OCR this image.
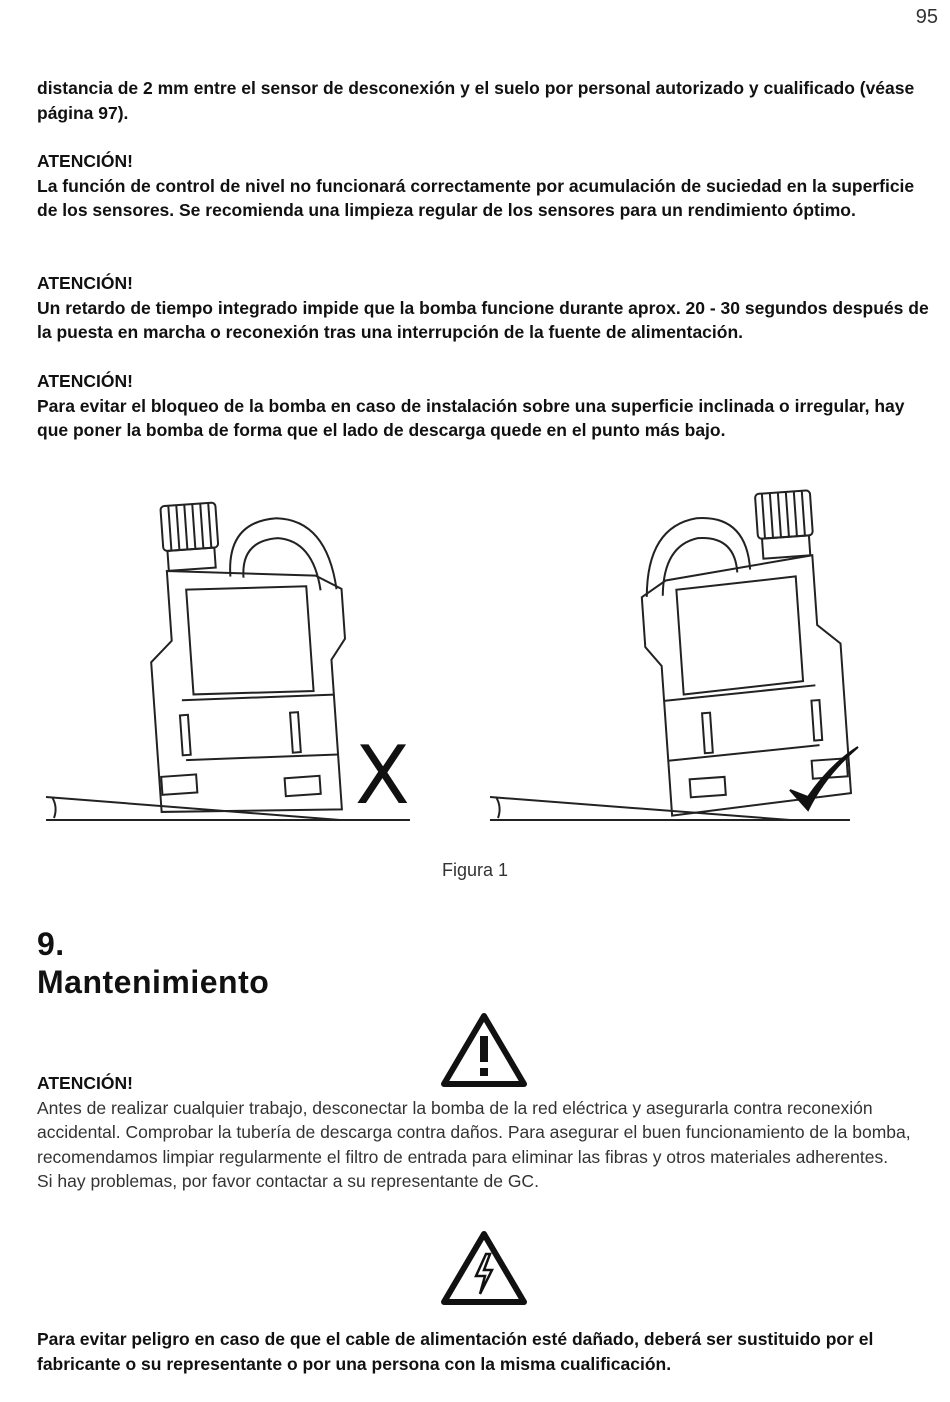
95

distancia de 2 mm entre el sensor de desconexión y el suelo por personal autorizado y cualificado (véase página 97).

ATENCIÓN!
La función de control de nivel no funcionará correctamente por acumulación de suciedad en la superficie de los sensores. Se recomienda una limpieza regular de los sensores para un rendimiento óptimo.
ATENCIÓN!
Un retardo de tiempo integrado impide que la bomba funcione durante aprox. 20 - 30 segundos después de la puesta en marcha o reconexión tras una interrupción de la fuente de alimentación.
ATENCIÓN!
Para evitar el bloqueo de la bomba en caso de instalación sobre una superficie inclinada o irregular, hay que poner la bomba de forma que el lado de descarga quede en el punto más bajo.
X
Figura 1
9.
Mantenimiento
ATENCIÓN!
Antes de realizar cualquier trabajo, desconectar la bomba de la red eléctrica y asegurarla contra reconexión accidental. Comprobar la tubería de descarga contra daños. Para asegurar el buen funcionamiento de la bomba, recomendamos limpiar regularmente el filtro de entrada para eliminar las fibras y otros materiales adherentes.
Si hay problemas, por favor contactar a su representante de GC.

Para evitar peligro en caso de que el cable de alimentación esté dañado, deberá ser sustituido por el fabricante o su representante o por una persona con la misma cualificación.
